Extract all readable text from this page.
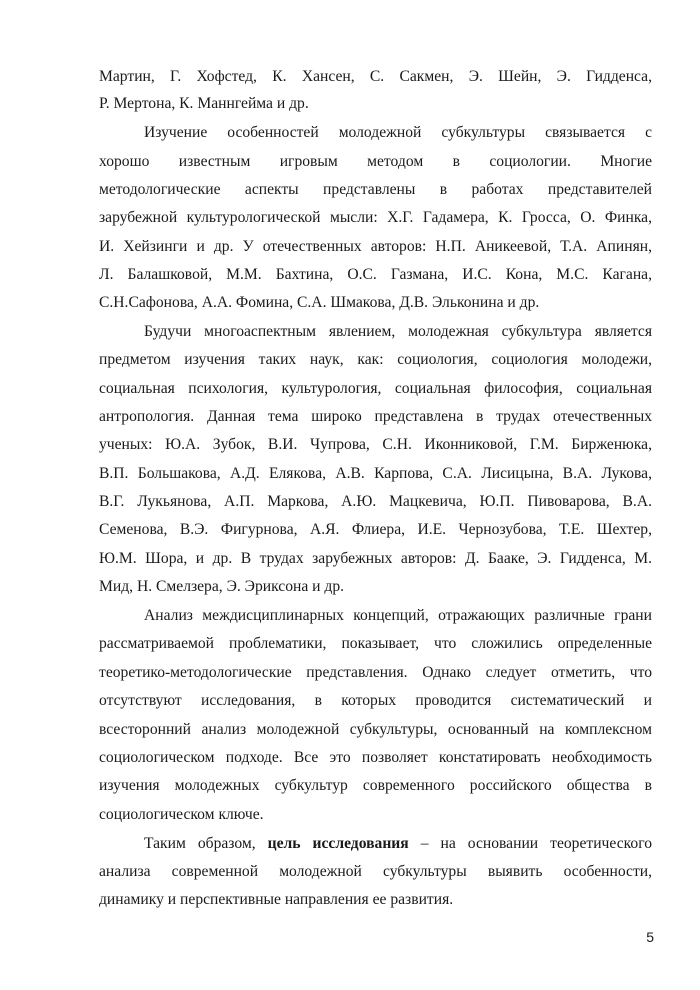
Мартин, Г. Хофстед, К. Хансен, С. Сакмен, Э. Шейн, Э. Гидденса,
Р. Мертона, К. Маннгейма и др.
Изучение особенностей молодежной субкультуры связывается с
хорошо известным игровым методом в социологии. Многие
методологические аспекты представлены в работах представителей
зарубежной культурологической мысли: Х.Г. Гадамера, К. Гросса, О. Финка,
И. Хейзинги и др. У отечественных авторов: Н.П. Аникеевой, Т.А. Апинян,
Л. Балашковой, М.М. Бахтина, О.С. Газмана, И.С. Кона, М.С. Кагана,
С.Н.Сафонова, А.А. Фомина, С.А. Шмакова, Д.В. Эльконина и др.
Будучи многоаспектным явлением, молодежная субкультура является
предметом изучения таких наук, как: социология, социология молодежи,
социальная психология, культурология, социальная философия, социальная
антропология. Данная тема широко представлена в трудах отечественных
ученых: Ю.А. Зубок, В.И. Чупрова, С.Н. Иконниковой, Г.М. Бирженюка,
В.П. Большакова, А.Д. Елякова, А.В. Карпова, С.А. Лисицына, В.А. Лукова,
В.Г. Лукьянова, А.П. Маркова, А.Ю. Мацкевича, Ю.П. Пивоварова, В.А.
Семенова, В.Э. Фигурнова, А.Я. Флиера, И.Е. Чернозубова, Т.Е. Шехтер,
Ю.М. Шора, и др. В трудах зарубежных авторов: Д. Бааке, Э. Гидденса, М.
Мид, Н. Смелзера, Э. Эриксона и др.
Анализ междисциплинарных концепций, отражающих различные грани
рассматриваемой проблематики, показывает, что сложились определенные
теоретико-методологические представления. Однако следует отметить, что
отсутствуют исследования, в которых проводится систематический и
всесторонний анализ молодежной субкультуры, основанный на комплексном
социологическом подходе. Все это позволяет констатировать необходимость
изучения молодежных субкультур современного российского общества в
социологическом ключе.
Таким образом, цель исследования – на основании теоретического
анализа современной молодежной субкультуры выявить особенности,
динамику и перспективные направления ее развития.
5
